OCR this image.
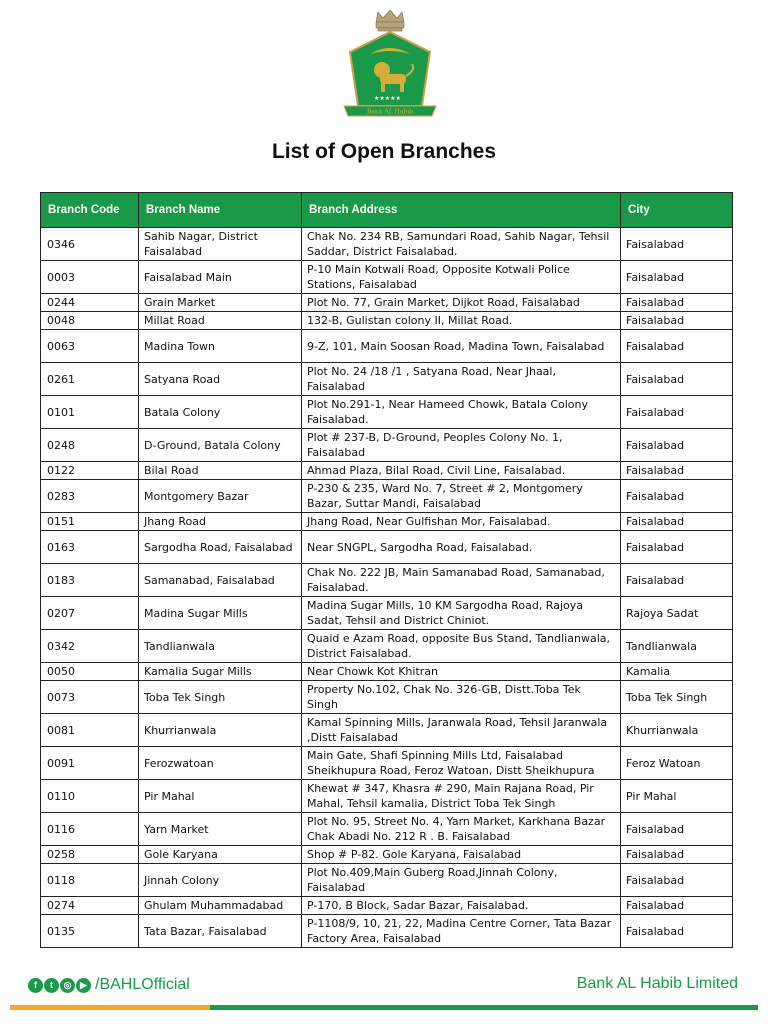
★★★★★
Bank AL Habib
List of Open Branches
Branch Code	Branch Name	Branch Address	City
0346	Sahib Nagar, District Faisalabad	Chak No. 234 RB, Samundari Road, Sahib Nagar, Tehsil Saddar, District Faisalabad.	Faisalabad
0003	Faisalabad Main	P-10 Main Kotwali Road, Opposite Kotwali Police Stations, Faisalabad	Faisalabad
0244	Grain Market	Plot No. 77, Grain Market, Dijkot Road, Faisalabad	Faisalabad
0048	Millat Road	132-B, Gulistan colony II, Millat Road.	Faisalabad
0063	Madina Town	9-Z, 101, Main Soosan Road, Madina Town, Faisalabad	Faisalabad
0261	Satyana Road	Plot No. 24 /18 /1 , Satyana Road, Near Jhaal, Faisalabad	Faisalabad
0101	Batala Colony	Plot No.291-1, Near Hameed Chowk, Batala Colony Faisalabad.	Faisalabad
0248	D-Ground, Batala Colony	Plot # 237-B, D-Ground, Peoples Colony No. 1, Faisalabad	Faisalabad
0122	Bilal Road	Ahmad Plaza, Bilal Road, Civil Line, Faisalabad.	Faisalabad
0283	Montgomery Bazar	P-230 & 235, Ward No. 7, Street # 2, Montgomery Bazar, Suttar Mandi, Faisalabad	Faisalabad
0151	Jhang Road	Jhang Road, Near Gulfishan Mor, Faisalabad.	Faisalabad
0163	Sargodha Road, Faisalabad	Near SNGPL, Sargodha Road, Faisalabad.	Faisalabad
0183	Samanabad, Faisalabad	Chak No. 222 JB, Main Samanabad Road, Samanabad, Faisalabad.	Faisalabad
0207	Madina Sugar Mills	Madina Sugar Mills, 10 KM Sargodha Road, Rajoya Sadat, Tehsil and District Chiniot.	Rajoya Sadat
0342	Tandlianwala	Quaid e Azam Road, opposite Bus Stand, Tandlianwala, District Faisalabad.	Tandlianwala
0050	Kamalia Sugar Mills	Near Chowk Kot Khitran	Kamalia
0073	Toba Tek Singh	Property No.102, Chak No. 326-GB, Distt.Toba Tek Singh	Toba Tek Singh
0081	Khurrianwala	Kamal Spinning Mills, Jaranwala Road, Tehsil Jaranwala ,Distt Faisalabad	Khurrianwala
0091	Ferozwatoan	Main Gate, Shafi Spinning Mills Ltd, Faisalabad Sheikhupura Road, Feroz Watoan, Distt Sheikhupura	Feroz Watoan
0110	Pir Mahal	Khewat # 347, Khasra # 290, Main Rajana Road, Pir Mahal, Tehsil kamalia, District Toba Tek Singh	Pir Mahal
0116	Yarn Market	Plot No. 95, Street No. 4, Yarn Market, Karkhana Bazar Chak Abadi No. 212 R . B. Faisalabad	Faisalabad
0258	Gole Karyana	Shop # P-82. Gole Karyana, Faisalabad	Faisalabad
0118	Jinnah Colony	Plot No.409,Main Guberg Road,Jinnah Colony, Faisalabad	Faisalabad
0274	Ghulam Muhammadabad	P-170, B Block, Sadar Bazar, Faisalabad.	Faisalabad
0135	Tata Bazar, Faisalabad	P-1108/9, 10, 21, 22, Madina Centre Corner, Tata Bazar Factory Area, Faisalabad	Faisalabad
f	t	◎ ▶ /BAHLOfficial	Bank AL Habib Limited
